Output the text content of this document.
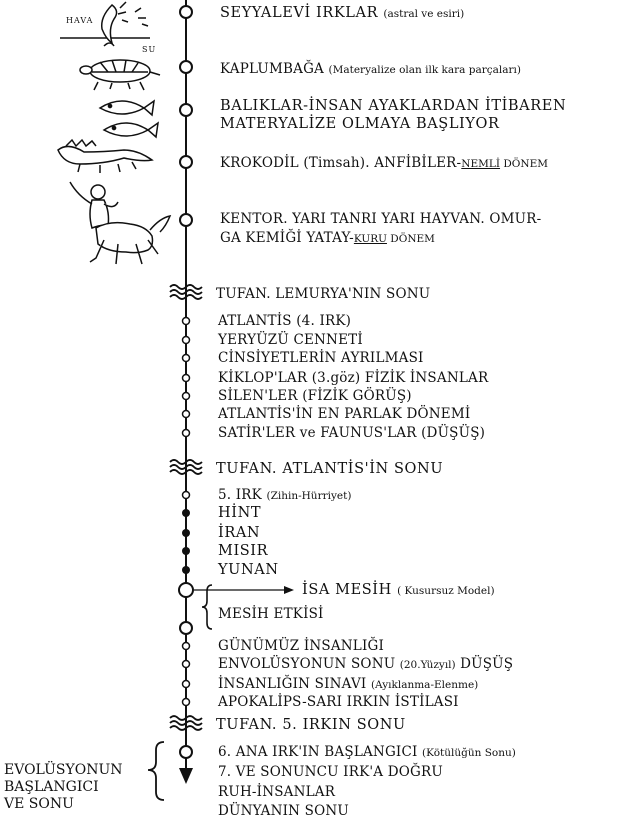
HAVA
SU
SEYYALEVİ IRKLAR (astral ve esiri)
KAPLUMBAĞA (Materyalize olan ilk kara parçaları)
BALIKLAR-İNSAN AYAKLARDAN İTİBAREN
MATERYALİZE OLMAYA BAŞLIYOR
KROKODİL (Timsah). ANFİBİLER-NEMLİ DÖNEM
KENTOR. YARI TANRI YARI HAYVAN. OMUR-
GA KEMİĞİ YATAY-KURU DÖNEM
TUFAN. LEMURYA'NIN SONU
ATLANTİS (4. IRK)
YERYÜZÜ CENNETİ
CİNSİYETLERİN AYRILMASI
KİKLOP'LAR (3.göz) FİZİK İNSANLAR
SİLEN'LER (FİZİK GÖRÜŞ)
ATLANTİS'İN EN PARLAK DÖNEMİ
SATİR'LER ve FAUNUS'LAR (DÜŞÜŞ)
TUFAN. ATLANTİS'İN SONU
5. IRK (Zihin-Hürriyet)
HİNT
İRAN
MISIR
YUNAN
İSA MESİH ( Kusursuz Model)
MESİH ETKİSİ
GÜNÜMÜZ İNSANLIĞI
ENVOLÜSYONUN SONU (20.Yüzyıl) DÜŞÜŞ
İNSANLIĞIN SINAVI (Ayıklanma-Elenme)
APOKALİPS-SARI IRKIN İSTİLASI
TUFAN. 5. IRKIN SONU
6. ANA IRK'IN BAŞLANGICI (Kötülüğün Sonu)
7. VE SONUNCU IRK'A DOĞRU
RUH-İNSANLAR
DÜNYANIN SONU
EVOLÜSYONUN
BAŞLANGICI
VE SONU
